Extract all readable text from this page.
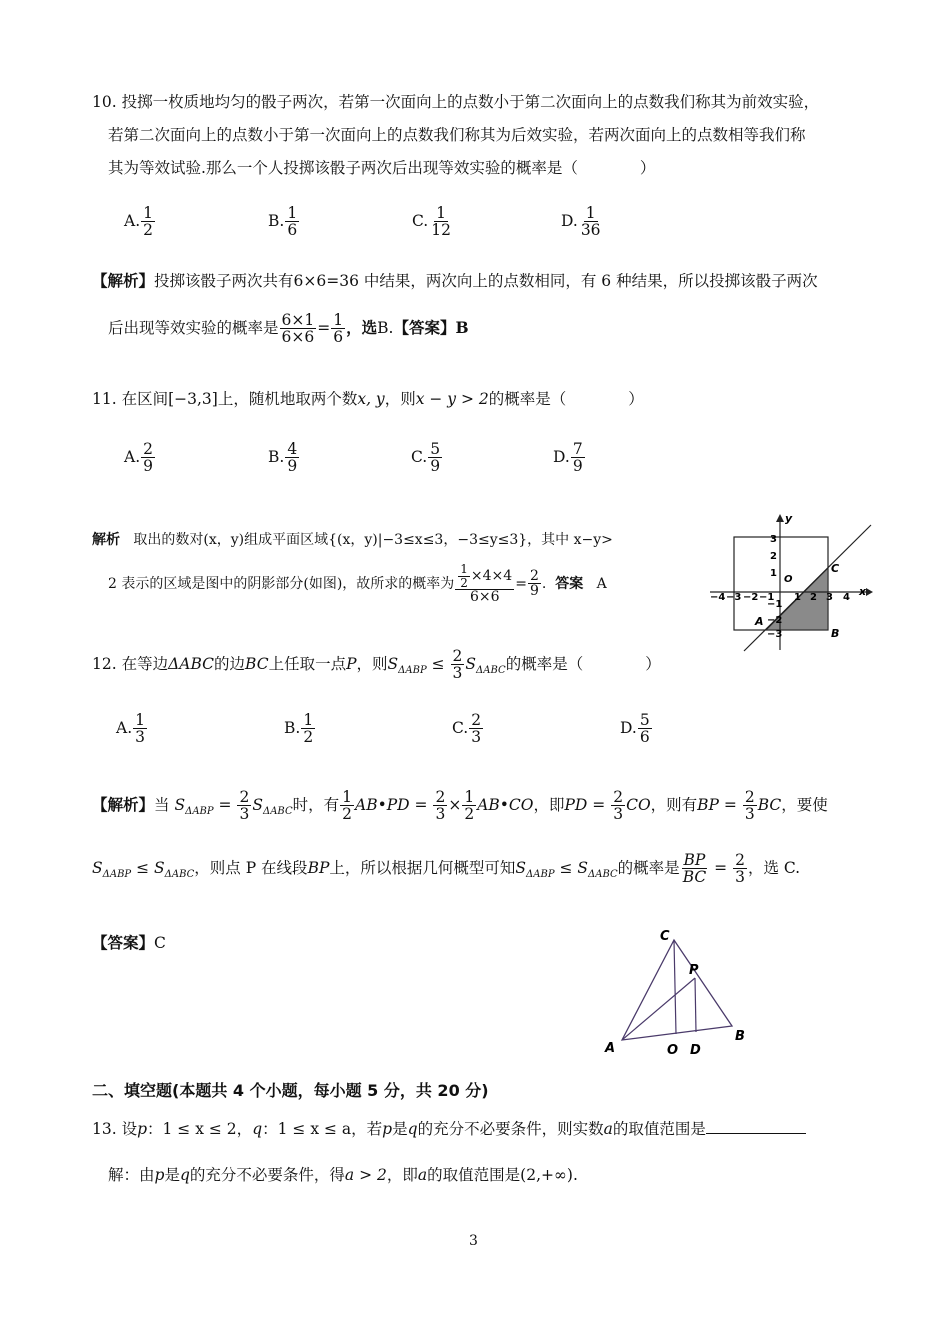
10. 投掷一枚质地均匀的骰子两次，若第一次面向上的点数小于第二次面向上的点数我们称其为前效实验，
若第二次面向上的点数小于第一次面向上的点数我们称其为后效实验，若两次面向上的点数相等我们称
其为等效试验.那么一个人投掷该骰子两次后出现等效实验的概率是（　　　　）
A. $\frac{1}{2}$	B. $\frac{1}{6}$	C. $\frac{1}{12}$	D. $\frac{1}{36}$
【解析】投掷该骰子两次共有6×6=36 中结果，两次向上的点数相同，有 6 种结果，所以投掷该骰子两次
后出现等效实验的概率是 $\frac{6\times 1}{6\times 6} = \frac{1}{6}$ ，选B.【答案】B
11. 在区间[−3,3]上，随机地取两个数x, y，则x − y > 2的概率是（　　　　）
A. $\frac{2}{9}$	B. $\frac{4}{9}$	C. $\frac{5}{9}$	D. $\frac{7}{9}$
解析 取出的数对(x，y)组成平面区域{(x，y)|−3≤x≤3，−3≤y≤3}，其中 x−y>
2 表示的区域是图中的阴影部分(如图)，故所求的概率为 $\frac{\frac{1}{2} \times 4\times 4}{6\times 6} = \frac{2}{9}$ . 答案 A	x
y
O
−4 −3 −2 −1 1 2 3 4
3
2
1
−1
−2
−3
A
B
C
12. 在等边ΔABC的边BC上任取一点P，则$S_{\Delta ABP} \le \frac{2}{3} S_{\Delta ABC}$的概率是（　　　　）
A. $\frac{1}{3}$	B. $\frac{1}{2}$	C. $\frac{2}{3}$	D. $\frac{5}{6}$
【解析】当 $S_{\Delta ABP} = \frac{2}{3} S_{\Delta ABC}$时，有 $\frac{1}{2}$ AB•PD = $\frac{2}{3} \times \frac{1}{2}$ AB•CO，即PD = $\frac{2}{3}$ CO，则有BP = $\frac{2}{3}$ BC，要使
$S_{\Delta ABP} \le S_{\Delta ABC}$，则点 P 在线段BP上，所以根据几何概型可知$S_{\Delta ABP} \le S_{\Delta ABC}$的概率是 $\frac{BP}{BC} = \frac{2}{3}$ ，选 C.
【答案】C	C
P
A	O D
B
二、填空题(本题共 4 个小题，每小题 5 分，共 20 分)
13. 设p：1 ≤ x ≤ 2，q：1 ≤ x ≤ a，若p是q的充分不必要条件，则实数a的取值范围是
解：由p是q的充分不必要条件，得a > 2，即a的取值范围是(2,+∞).
3
